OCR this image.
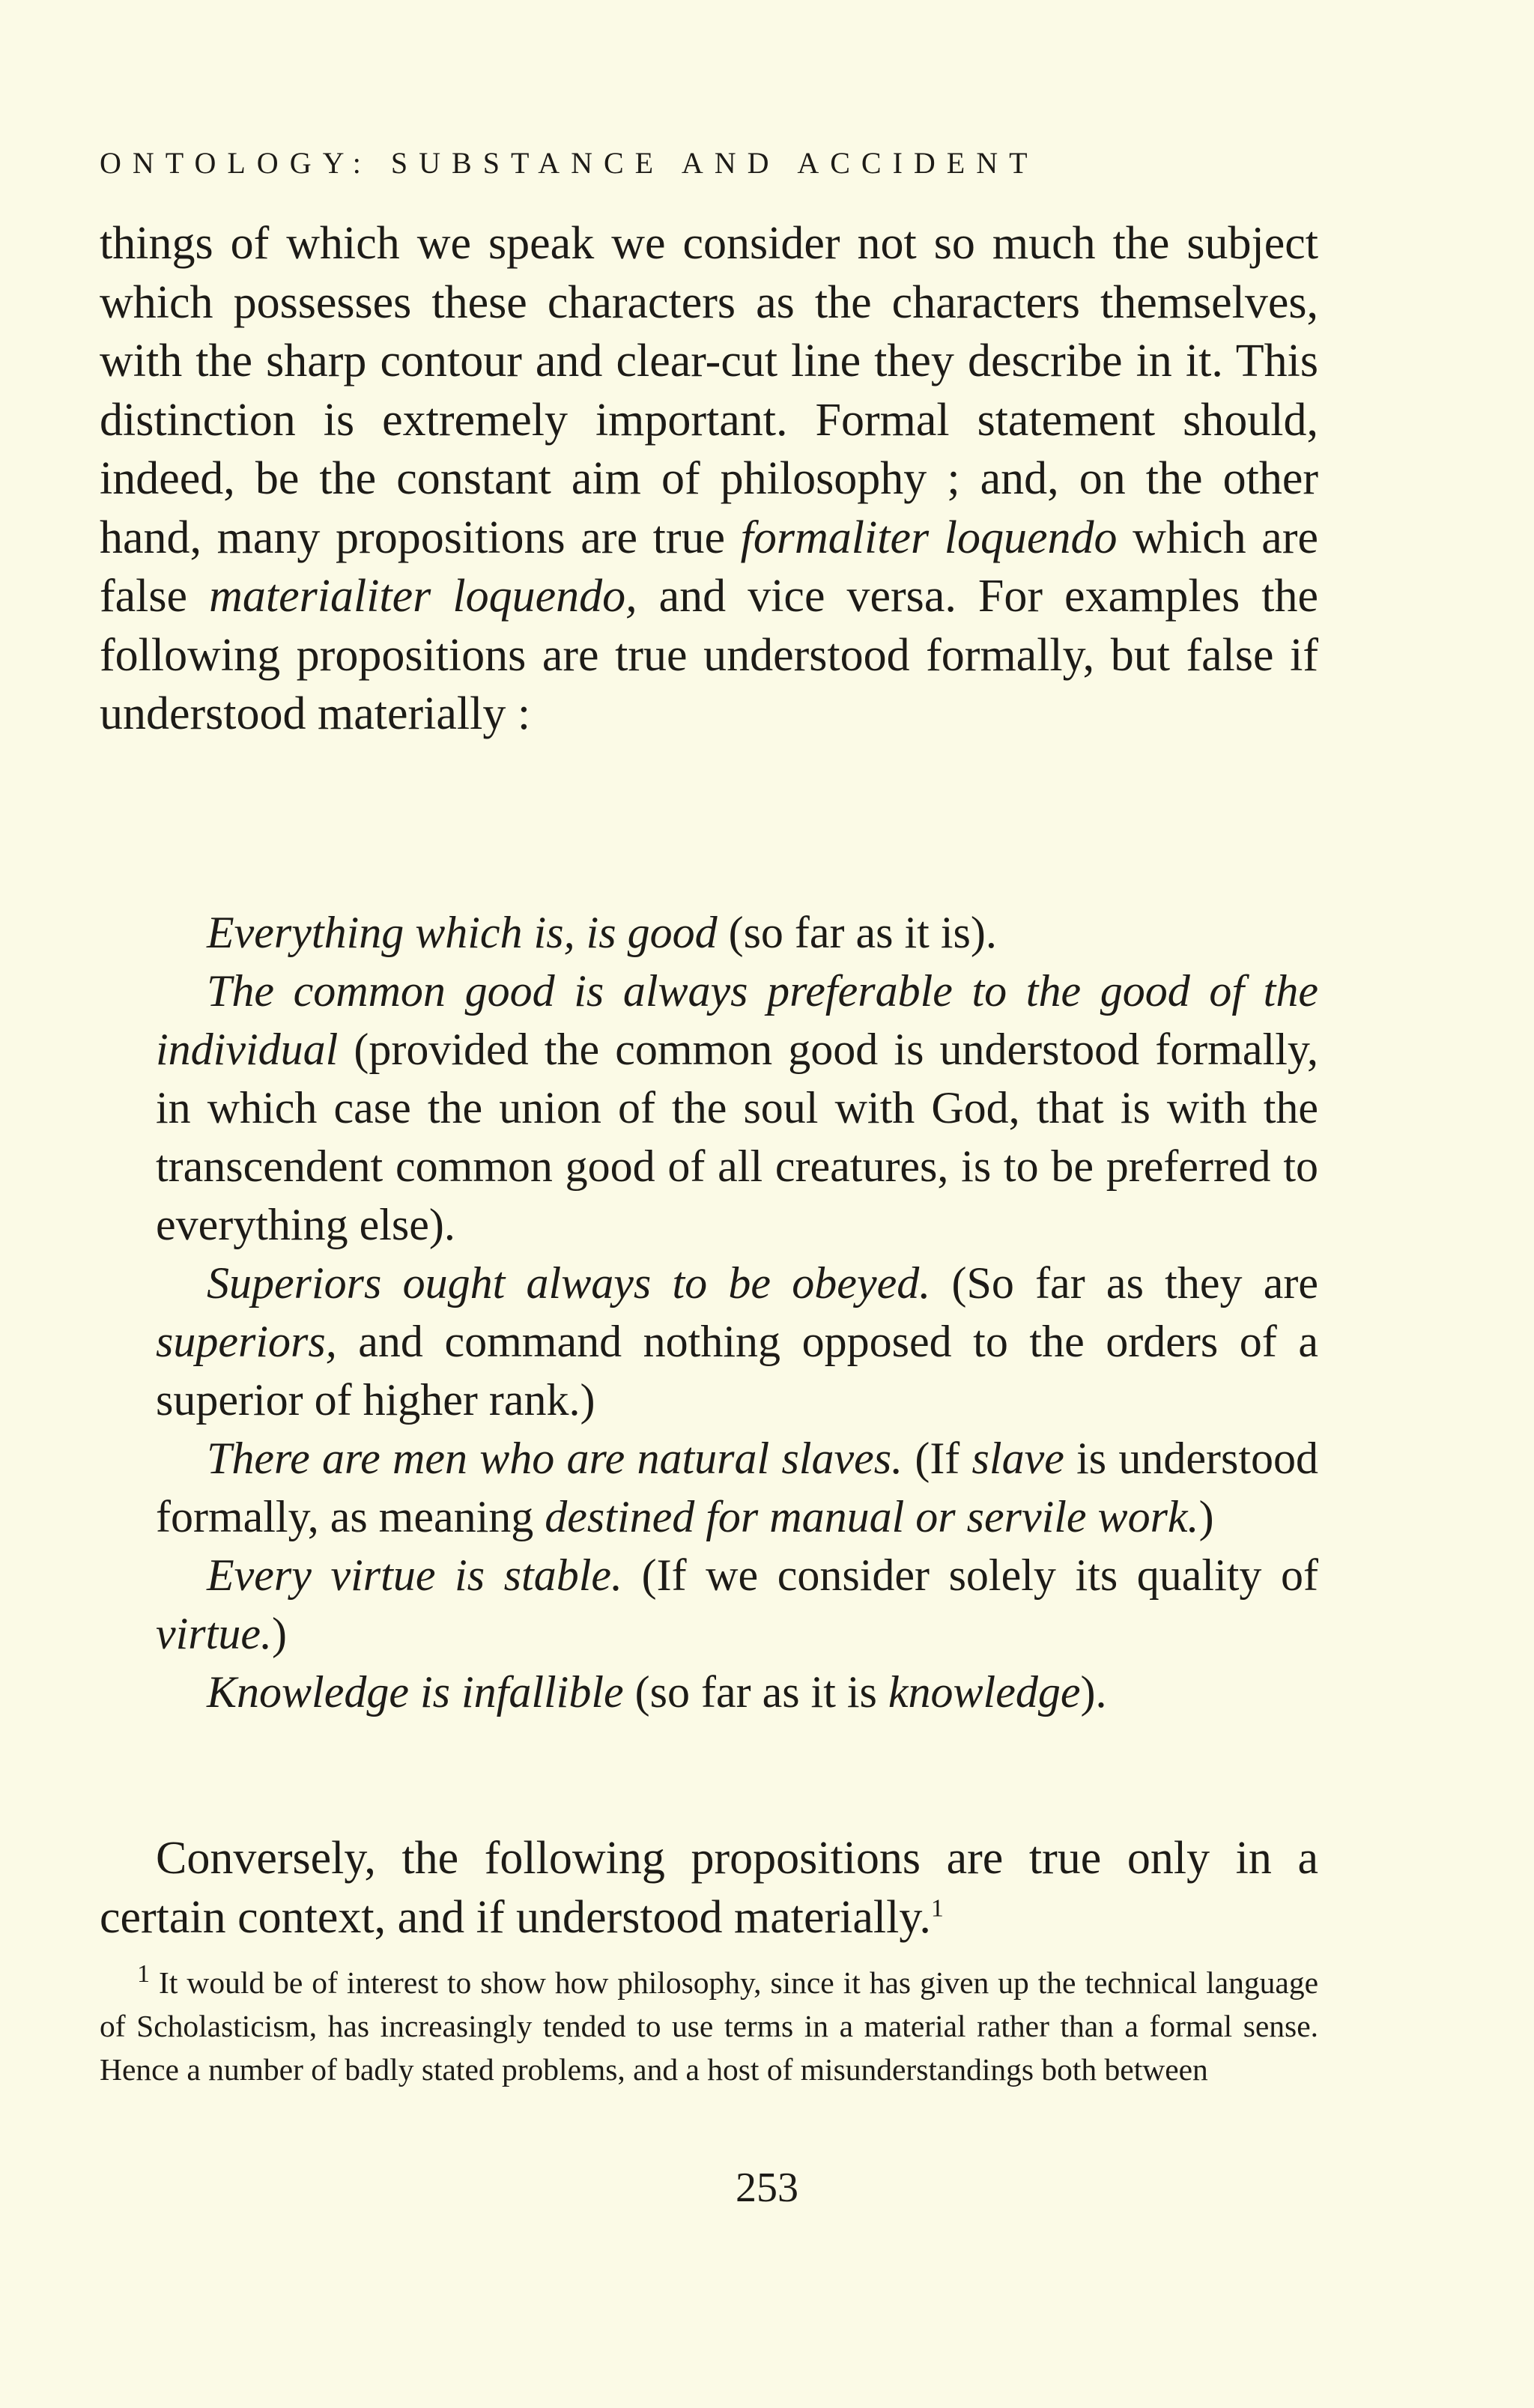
ONTOLOGY: SUBSTANCE AND ACCIDENT

things of which we speak we consider not so much the subject which possesses these characters as the characters themselves, with the sharp contour and clear-cut line they describe in it. This distinction is extremely important. Formal statement should, indeed, be the constant aim of philosophy ; and, on the other hand, many propositions are true formaliter loquendo which are false materialiter loquendo, and vice versa. For examples the following propositions are true understood formally, but false if understood materially :

Everything which is, is good (so far as it is).

The common good is always preferable to the good of the individual (provided the common good is understood formally, in which case the union of the soul with God, that is with the transcendent common good of all creatures, is to be preferred to everything else).

Superiors ought always to be obeyed. (So far as they are superiors, and command nothing opposed to the orders of a superior of higher rank.)

There are men who are natural slaves. (If slave is understood formally, as meaning destined for manual or servile work.)

Every virtue is stable. (If we consider solely its quality of virtue.)

Knowledge is infallible (so far as it is knowledge).

Conversely, the following propositions are true only in a certain context, and if understood materially.$^1$

$^1$ It would be of interest to show how philosophy, since it has given up the technical language of Scholasticism, has increasingly tended to use terms in a material rather than a formal sense. Hence a number of badly stated problems, and a host of misunderstandings both between

253
